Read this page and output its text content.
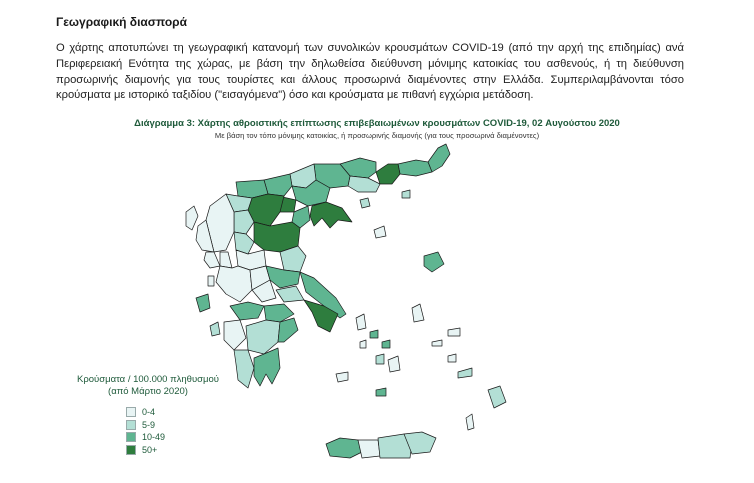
Γεωγραφική διασπορά

Ο χάρτης αποτυπώνει τη γεωγραφική κατανομή των συνολικών κρουσμάτων COVID-19 (από την αρχή της επιδημίας) ανά Περιφερειακή Ενότητα της χώρας, με βάση την δηλωθείσα διεύθυνση μόνιμης κατοικίας του ασθενούς, ή τη διεύθυνση προσωρινής διαμονής για τους τουρίστες και άλλους προσωρινά διαμένοντες στην Ελλάδα. Συμπεριλαμβάνονται τόσο κρούσματα με ιστορικό ταξιδίου ("εισαγόμενα") όσο και κρούσματα με πιθανή εγχώρια μετάδοση.

Διάγραμμα 3: Χάρτης αθροιστικής επίπτωσης επιβεβαιωμένων κρουσμάτων COVID-19, 02 Αυγούστου 2020
Με βάση τον τόπο μόνιμης κατοικίας, ή προσωρινής διαμονής (για τους προσωρινά διαμένοντες)
Κρούσματα / 100.000 πληθυσμού
(από Μάρτιο 2020)
0-4
5-9
10-49
50+
